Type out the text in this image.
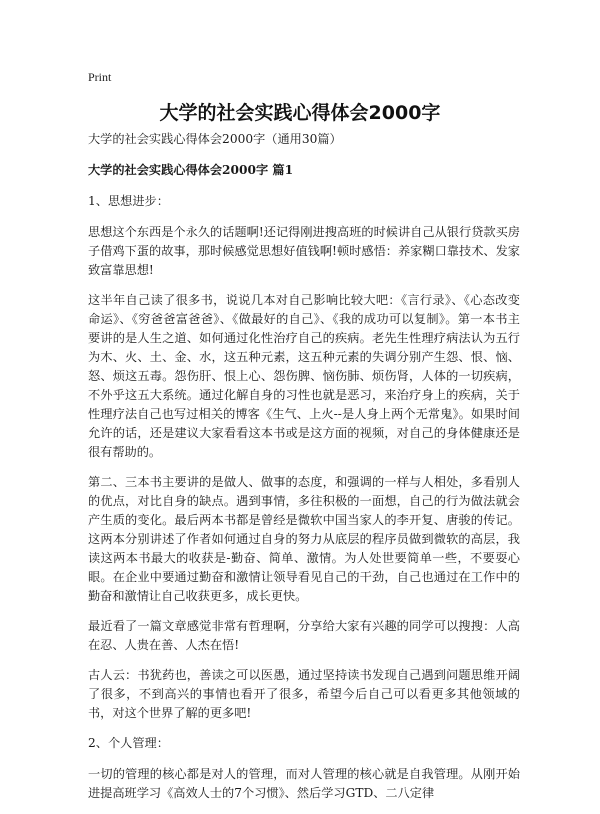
Print
大学的社会实践心得体会2000字

大学的社会实践心得体会2000字（通用30篇）

大学的社会实践心得体会2000字 篇1

1、思想进步：

思想这个东西是个永久的话题啊!还记得刚进搜高班的时候讲自己从银行贷款买房子借鸡下蛋的故事，那时候感觉思想好值钱啊!顿时感悟：养家糊口靠技术、发家致富靠思想!

这半年自己读了很多书，说说几本对自己影响比较大吧：《言行录》、《心态改变命运》、《穷爸爸富爸爸》、《做最好的自己》、《我的成功可以复制》。第一本书主要讲的是人生之道、如何通过化性治疗自己的疾病。老先生性理疗病法认为五行为木、火、土、金、水，这五种元素，这五种元素的失调分别产生怨、恨、恼、怒、烦这五毒。怨伤肝、恨上心、怨伤脾、恼伤肺、烦伤肾，人体的一切疾病，不外乎这五大系统。通过化解自身的习性也就是恶习，来治疗身上的疾病，关于性理疗法自己也写过相关的博客《生气、上火--是人身上两个无常鬼》。如果时间允许的话，还是建议大家看看这本书或是这方面的视频，对自己的身体健康还是很有帮助的。

第二、三本书主要讲的是做人、做事的态度，和强调的一样与人相处，多看别人的优点，对比自身的缺点。遇到事情，多往积极的一面想，自己的行为做法就会产生质的变化。最后两本书都是曾经是微软中国当家人的李开复、唐骏的传记。这两本分别讲述了作者如何通过自身的努力从底层的程序员做到微软的高层，我读这两本书最大的收获是-勤奋、简单、激情。为人处世要简单一些，不要耍心眼。在企业中要通过勤奋和激情让领导看见自己的干劲，自己也通过在工作中的勤奋和激情让自己收获更多，成长更快。

最近看了一篇文章感觉非常有哲理啊，分享给大家有兴趣的同学可以搜搜：人高在忍、人贵在善、人杰在悟!

古人云：书犹药也，善读之可以医愚，通过坚持读书发现自己遇到问题思维开阔了很多，不到高兴的事情也看开了很多，希望今后自己可以看更多其他领域的书，对这个世界了解的更多吧!

2、个人管理：

一切的管理的核心都是对人的管理，而对人管理的核心就是自我管理。从刚开始进提高班学习《高效人士的7个习惯》、然后学习GTD、二八定律
